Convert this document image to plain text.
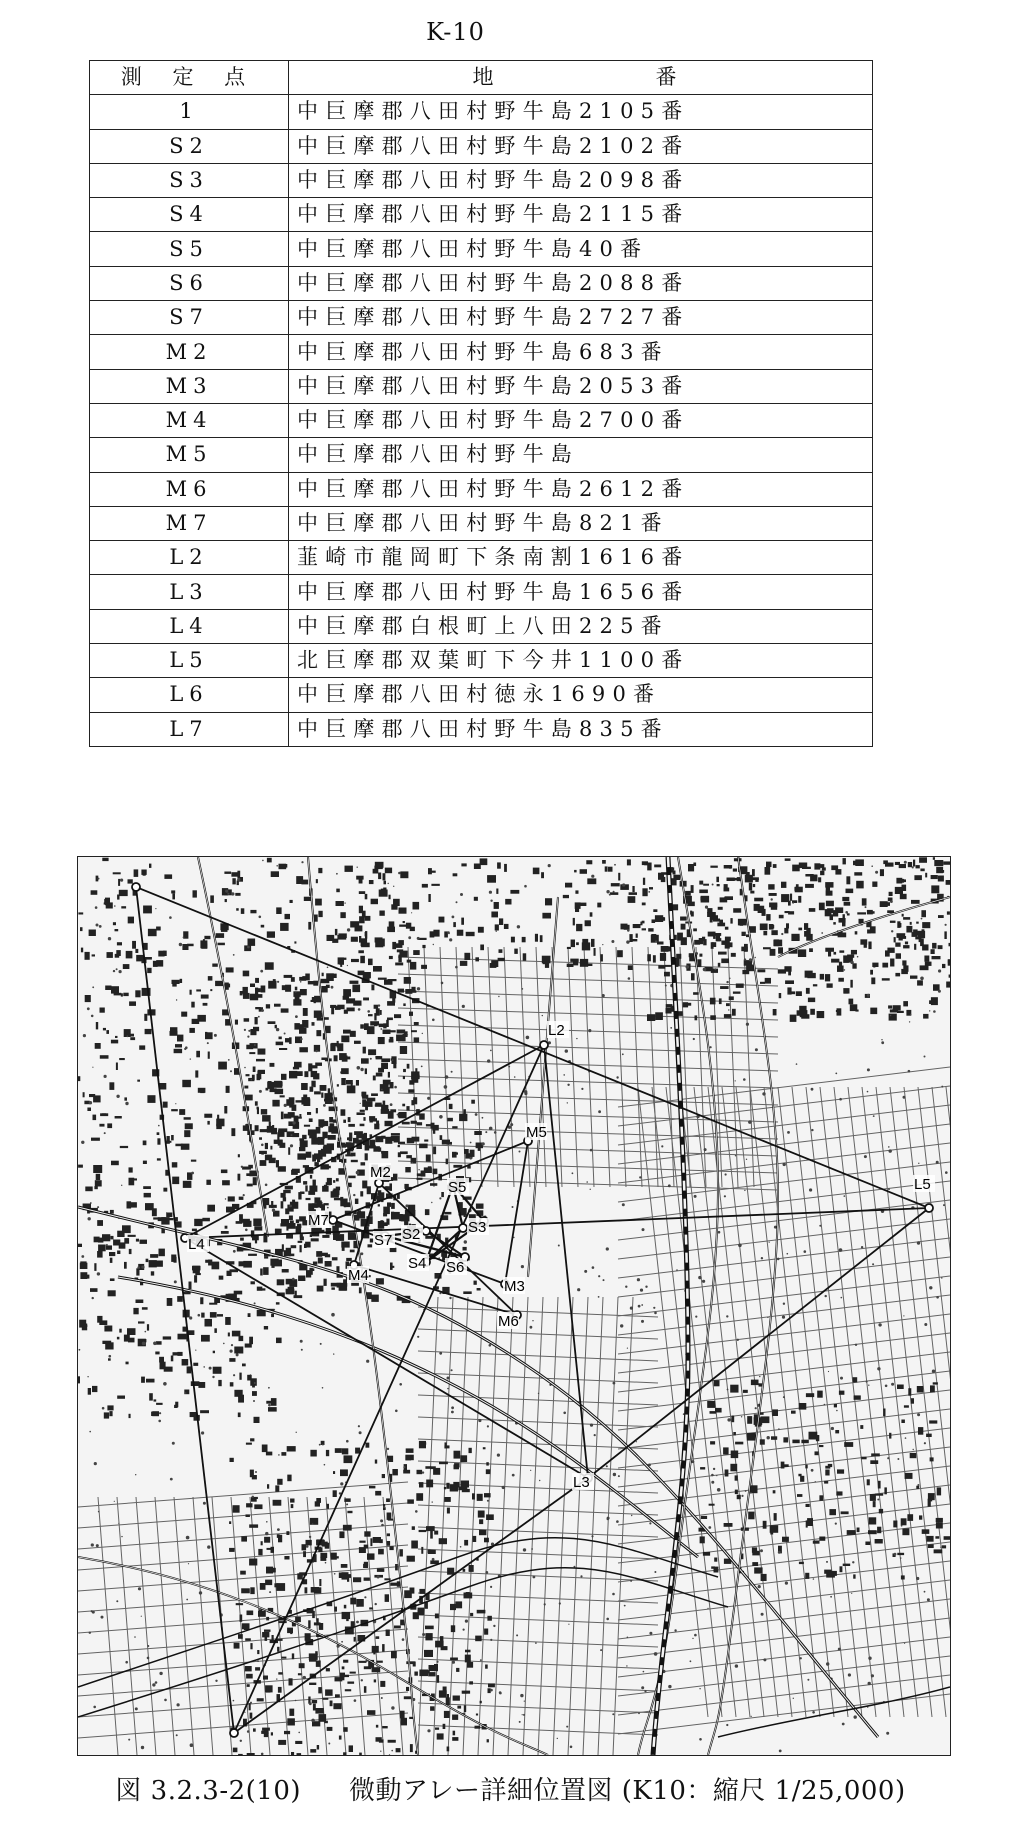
K-10
測 定 点	地 番
1	中巨摩郡八田村野牛島2105番
S2	中巨摩郡八田村野牛島2102番
S3	中巨摩郡八田村野牛島2098番
S4	中巨摩郡八田村野牛島2115番
S5	中巨摩郡八田村野牛島40番
S6	中巨摩郡八田村野牛島2088番
S7	中巨摩郡八田村野牛島2727番
M2	中巨摩郡八田村野牛島683番
M3	中巨摩郡八田村野牛島2053番
M4	中巨摩郡八田村野牛島2700番
M5	中巨摩郡八田村野牛島
M6	中巨摩郡八田村野牛島2612番
M7	中巨摩郡八田村野牛島821番
L2	韮崎市龍岡町下条南割1616番
L3	中巨摩郡八田村野牛島1656番
L4	中巨摩郡白根町上八田225番
L5	北巨摩郡双葉町下今井1100番
L6	中巨摩郡八田村徳永1690番
L7	中巨摩郡八田村野牛島835番
L2
L3
L4
L5
M2
M3
M4
M5
M6
M7
S2	S3
S4
S5
S6
S7
図 3.2.3-2(10) 微動アレー詳細位置図 (K10：縮尺 1/25,000)
